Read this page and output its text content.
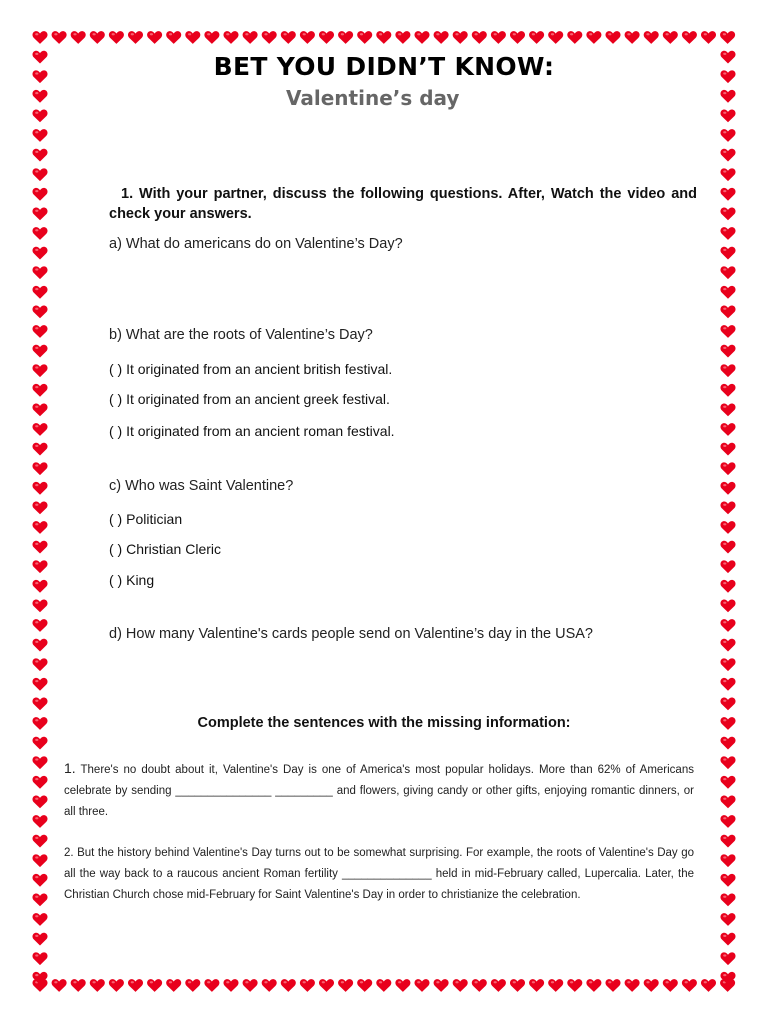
BET YOU DIDN’T KNOW:
Valentine’s day
1. With your partner, discuss the following questions. After, Watch the video and check your answers.
a) What do americans do on Valentine’s Day?
b) What are the roots of Valentine’s Day?
( ) It originated from an ancient british festival.
( ) It originated from an ancient greek festival.
( ) It originated from an ancient roman festival.
c) Who was Saint Valentine?
( ) Politician
( ) Christian Cleric
( ) King
d) How many Valentine's cards people send on Valentine’s day in the USA?
Complete the sentences with the missing information:
1. There's no doubt about it, Valentine's Day is one of America's most popular holidays. More than 62% of Americans celebrate by sending _______________ _________ and flowers, giving candy or other gifts, enjoying romantic dinners, or all three.
2. But the history behind Valentine's Day turns out to be somewhat surprising. For example, the roots of Valentine's Day go all the way back to a raucous ancient Roman fertility ______________ held in mid-February called, Lupercalia. Later, the Christian Church chose mid-February for Saint Valentine's Day in order to christianize the celebration.
